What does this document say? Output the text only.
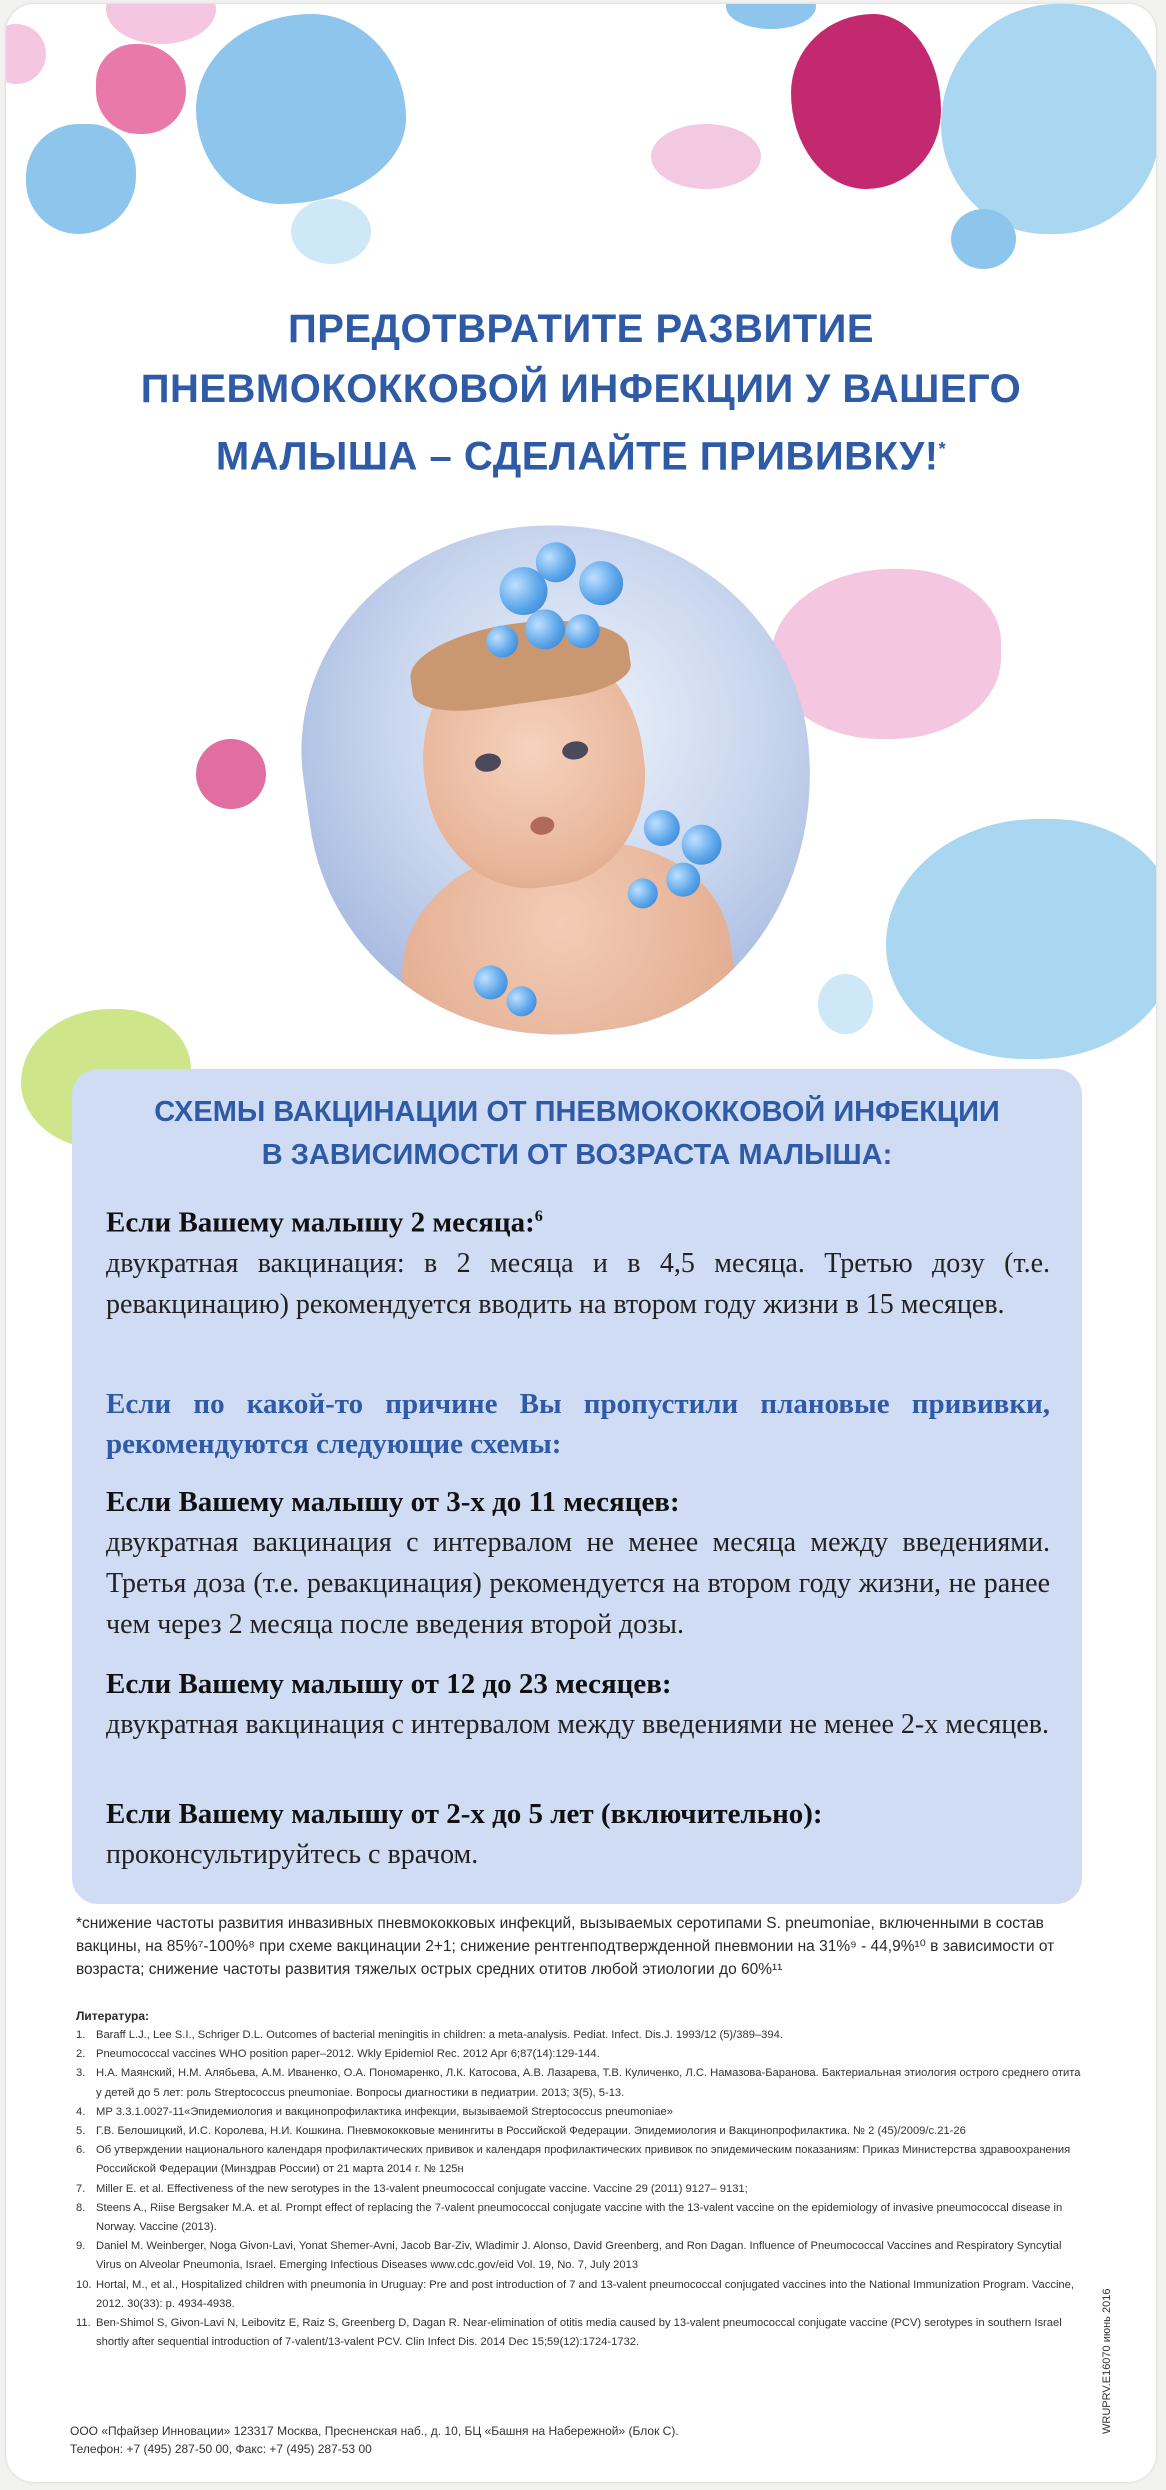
ПРЕДОТВРАТИТЕ РАЗВИТИЕ
ПНЕВМОКОККОВОЙ ИНФЕКЦИИ У ВАШЕГО
МАЛЫША – СДЕЛАЙТЕ ПРИВИВКУ!*
СХЕМЫ ВАКЦИНАЦИИ ОТ ПНЕВМОКОККОВОЙ ИНФЕКЦИИ
В ЗАВИСИМОСТИ ОТ ВОЗРАСТА МАЛЫША:
Если Вашему малышу 2 месяца:$^6$

двукратная вакцинация: в 2 месяца и в 4,5 месяца. Третью дозу (т.е. ревакцинацию) рекомендуется вводить на втором году жизни в 15 месяцев.

Если по какой-то причине Вы пропустили плановые прививки, рекомендуются следующие схемы:
Если Вашему малышу от 3-х до 11 месяцев:

двукратная вакцинация с интервалом не менее месяца между введениями. Третья доза (т.е. ревакцинация) рекомендуется на втором году жизни, не ранее чем через 2 месяца после введения второй дозы.

Если Вашему малышу от 12 до 23 месяцев:

двукратная вакцинация с интервалом между введениями не менее 2-х месяцев.

Если Вашему малышу от 2-х до 5 лет (включительно):

проконсультируйтесь с врачом.

*снижение частоты развития инвазивных пневмококковых инфекций, вызываемых серотипами S. pneumoniae, включенными в состав вакцины, на 85%⁷-100%⁸ при схеме вакцинации 2+1; снижение рентгенподтвержденной пневмонии на 31%⁹ - 44,9%¹⁰ в зависимости от возраста; снижение частоты развития тяжелых острых средних отитов любой этиологии до 60%¹¹
Литература:
1. Baraff L.J., Lee S.I., Schriger D.L. Outcomes of bacterial meningitis in children: a meta-analysis. Pediat. Infect. Dis.J. 1993/12 (5)/389–394.
2. Pneumococcal vaccines WHO position paper–2012. Wkly Epidemiol Rec. 2012 Apr 6;87(14):129-144.
3. Н.А. Маянский, Н.М. Алябьева, А.М. Иваненко, О.А. Пономаренко, Л.К. Катосова, А.В. Лазарева, Т.В. Куличенко, Л.С. Намазова-Баранова. Бактериальная этиология острого среднего отита у детей до 5 лет: роль Streptococcus pneumoniae. Вопросы диагностики в педиатрии. 2013; 3(5), 5-13.
4. МР 3.3.1.0027-11«Эпидемиология и вакцинопрофилактика инфекции, вызываемой Streptococcus pneumoniae»
5. Г.В. Белошицкий, И.С. Королева, Н.И. Кошкина. Пневмококковые менингиты в Российской Федерации. Эпидемиология и Вакцинопрофилактика. № 2 (45)/2009/с.21-26
6. Об утверждении национального календаря профилактических прививок и календаря профилактических прививок по эпидемическим показаниям: Приказ Министерства здравоохранения Российской Федерации (Минздрав России) от 21 марта 2014 г. № 125н
7. Miller E. et al. Effectiveness of the new serotypes in the 13-valent pneumococcal conjugate vaccine. Vaccine 29 (2011) 9127– 9131;
8. Steens A., Riise Bergsaker M.A. et al. Prompt effect of replacing the 7-valent pneumococcal conjugate vaccine with the 13-valent vaccine on the epidemiology of invasive pneumococcal disease in Norway. Vaccine (2013).
9. Daniel M. Weinberger, Noga Givon-Lavi, Yonat Shemer-Avni, Jacob Bar-Ziv, Wladimir J. Alonso, David Greenberg, and Ron Dagan. Influence of Pneumococcal Vaccines and Respiratory Syncytial Virus on Alveolar Pneumonia, Israel. Emerging Infectious Diseases www.cdc.gov/eid Vol. 19, No. 7, July 2013
10. Hortal, M., et al., Hospitalized children with pneumonia in Uruguay: Pre and post introduction of 7 and 13-valent pneumococcal conjugated vaccines into the National Immunization Program. Vaccine, 2012. 30(33): p. 4934-4938.
11. Ben-Shimol S, Givon-Lavi N, Leibovitz E, Raiz S, Greenberg D, Dagan R. Near-elimination of otitis media caused by 13-valent pneumococcal conjugate vaccine (PCV) serotypes in southern Israel shortly after sequential introduction of 7-valent/13-valent PCV. Clin Infect Dis. 2014 Dec 15;59(12):1724-1732.
ООО «Пфайзер Инновации» 123317 Москва, Пресненская наб., д. 10, БЦ «Башня на Набережной» (Блок С).
Телефон: +7 (495) 287-50 00, Факс: +7 (495) 287-53 00
WRUPRV.E16070 июнь 2016
